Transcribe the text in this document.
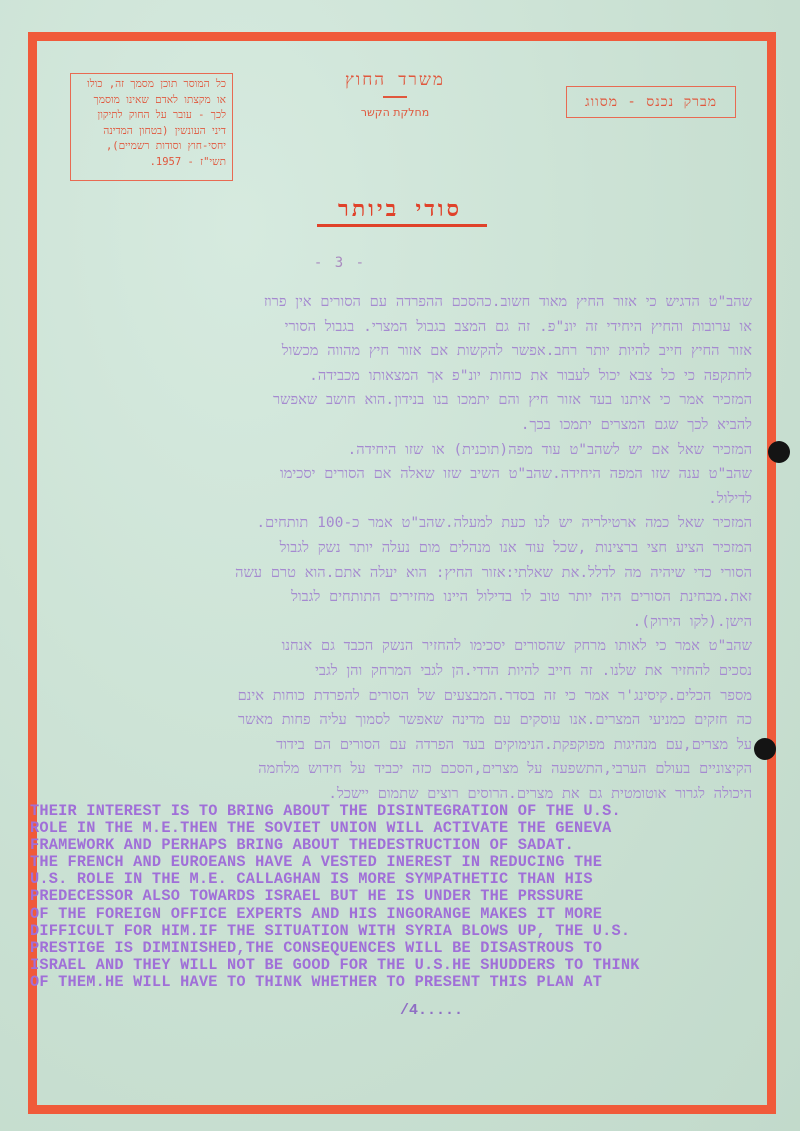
כל המוסר תוכן מסמך זה, כולו
או מקצתו לאדם שאינו מוסמך
לכך - עובר על החוק לתיקון
דיני העונשין (בטחון המדינה
יחסי-חוץ וסודות רשמיים),
תשי"ז - 1957.
משרד החוץ
מחלקת הקשר
מברק נכנס - מסווג
סודי ביותר
- 3 -
שהב"ט הדגיש כי אזור החיץ מאוד חשוב.כהסכם ההפרדה עם הסורים אין פרוז
או ערובות והחיץ היחידי זה יונ"פ. זה גם המצב בגבול המצרי. בגבול הסורי
אזור החיץ חייב להיות יותר רחב.אפשר להקשות אם אזור חיץ מהווה מכשול
לחתקפה כי כל צבא יכול לעבור את כוחות יונ"פ אך המצאותו מכבידה.
המזכיר אמר כי איתנו בעד אזור חיץ והם יתמכו בנו בנידון.הוא חושב שאפשר
להביא לכך שגם המצרים יתמכו בכך.
המזכיר שאל אם יש לשהב"ט עוד מפה(תוכנית) או שזו היחידה.
שהב"ט ענה שזו המפה היחידה.שהב"ט השיב שזו שאלה אם הסורים יסכימו
לדילול.
המזכיר שאל כמה ארטילריה יש לנו כעת למעלה.שהב"ט אמר כ-100 תותחים.
המזכיר הציע חצי ברצינות ,שכל עוד אנו מנהלים מום נעלה יותר נשק לגבול
הסורי כדי שיהיה מה לדלל.את שאלתי:אזור החיץ: הוא יעלה אתם.הוא טרם עשה
זאת.מבחינת הסורים היה יותר טוב לו בדילול היינו מחזירים התותחים לגבול
הישן.(לקו הירוק).
שהב"ט אמר כי לאותו מרחק שהסורים יסכימו להחזיר הנשק הכבד גם אנחנו
נסכים להחזיר את שלנו. זה חייב להיות הדדי.הן לגבי המרחק והן לגבי
מספר הכלים.קיסינג'ר אמר כי זה בסדר.המבצעים של הסורים להפרדת כוחות אינם
כה חזקים כמניעי המצרים.אנו עוסקים עם מדינה שאפשר לסמוך עליה פחות מאשר
על מצרים,עם מנהיגות מפוקפקת.הנימוקים בעד הפרדה עם הסורים הם בידוד
הקיצוניים בעולם הערבי,התשפעה על מצרים,הסכם כזה יכביד על חידוש מלחמה
היכולה לגרור אוטומטית גם את מצרים.הרוסים רוצים שתמום יישכל.
THEIR INTEREST IS TO BRING ABOUT THE DISINTEGRATION OF THE U.S.
ROLE IN THE M.E.THEN THE SOVIET UNION WILL ACTIVATE THE GENEVA
FRAMEWORK AND PERHAPS BRING ABOUT THEDESTRUCTION OF SADAT.
THE FRENCH AND EUROEANS HAVE A VESTED INEREST IN REDUCING THE
U.S. ROLE IN THE M.E. CALLAGHAN IS MORE SYMPATHETIC THAN HIS
PREDECESSOR ALSO TOWARDS ISRAEL BUT HE IS UNDER THE PRSSURE
OF THE FOREIGN OFFICE EXPERTS AND HIS INGORANGE MAKES IT MORE
DIFFICULT FOR HIM.IF THE SITUATION WITH SYRIA BLOWS UP, THE U.S.
PRESTIGE IS DIMINISHED,THE CONSEQUENCES WILL BE DISASTROUS TO
ISRAEL AND THEY WILL NOT BE GOOD FOR THE U.S.HE SHUDDERS TO THINK
OF THEM.HE WILL HAVE TO THINK WHETHER TO PRESENT THIS PLAN AT
/4.....
